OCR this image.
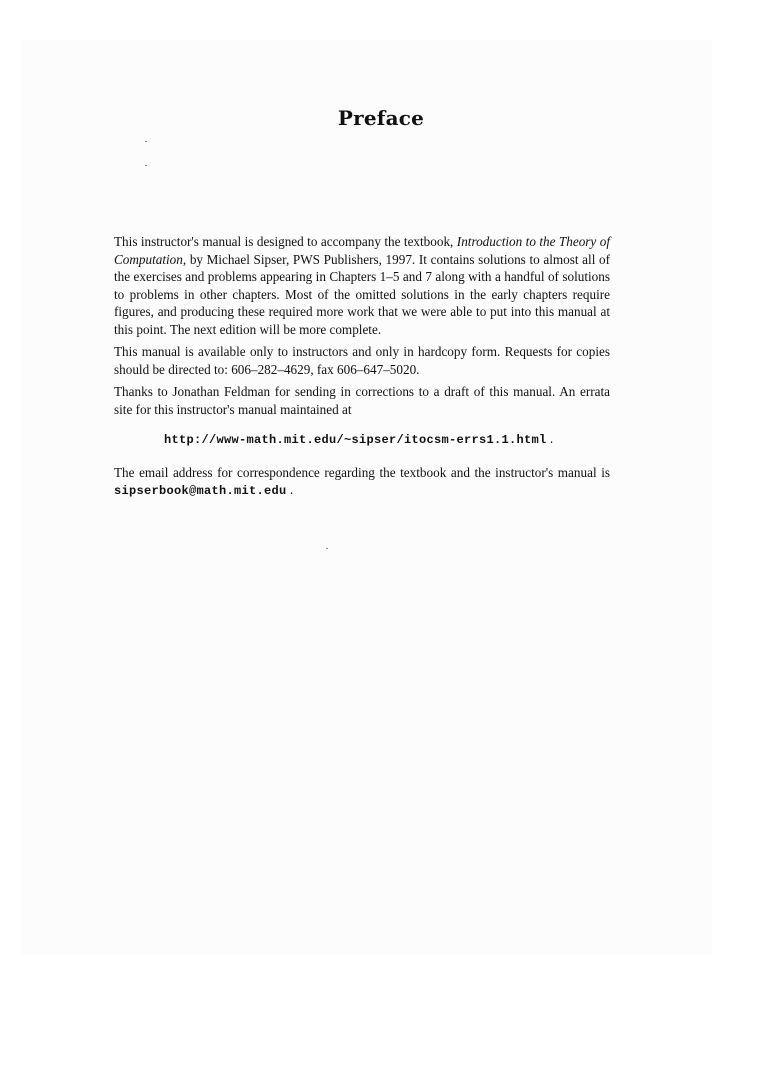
Preface

This instructor's manual is designed to accompany the textbook, Introduction to the Theory of Computation, by Michael Sipser, PWS Publishers, 1997. It contains solutions to almost all of the exercises and problems appearing in Chapters 1–5 and 7 along with a handful of solutions to problems in other chapters. Most of the omitted solutions in the early chapters require figures, and producing these required more work that we were able to put into this manual at this point. The next edition will be more complete.

This manual is available only to instructors and only in hardcopy form. Requests for copies should be directed to: 606–282–4629, fax 606–647–5020.

Thanks to Jonathan Feldman for sending in corrections to a draft of this manual. An errata site for this instructor's manual maintained at

http://www-math.mit.edu/~sipser/itocsm-errs1.1.html .

The email address for correspondence regarding the textbook and the instructor's manual is sipserbook@math.mit.edu .
